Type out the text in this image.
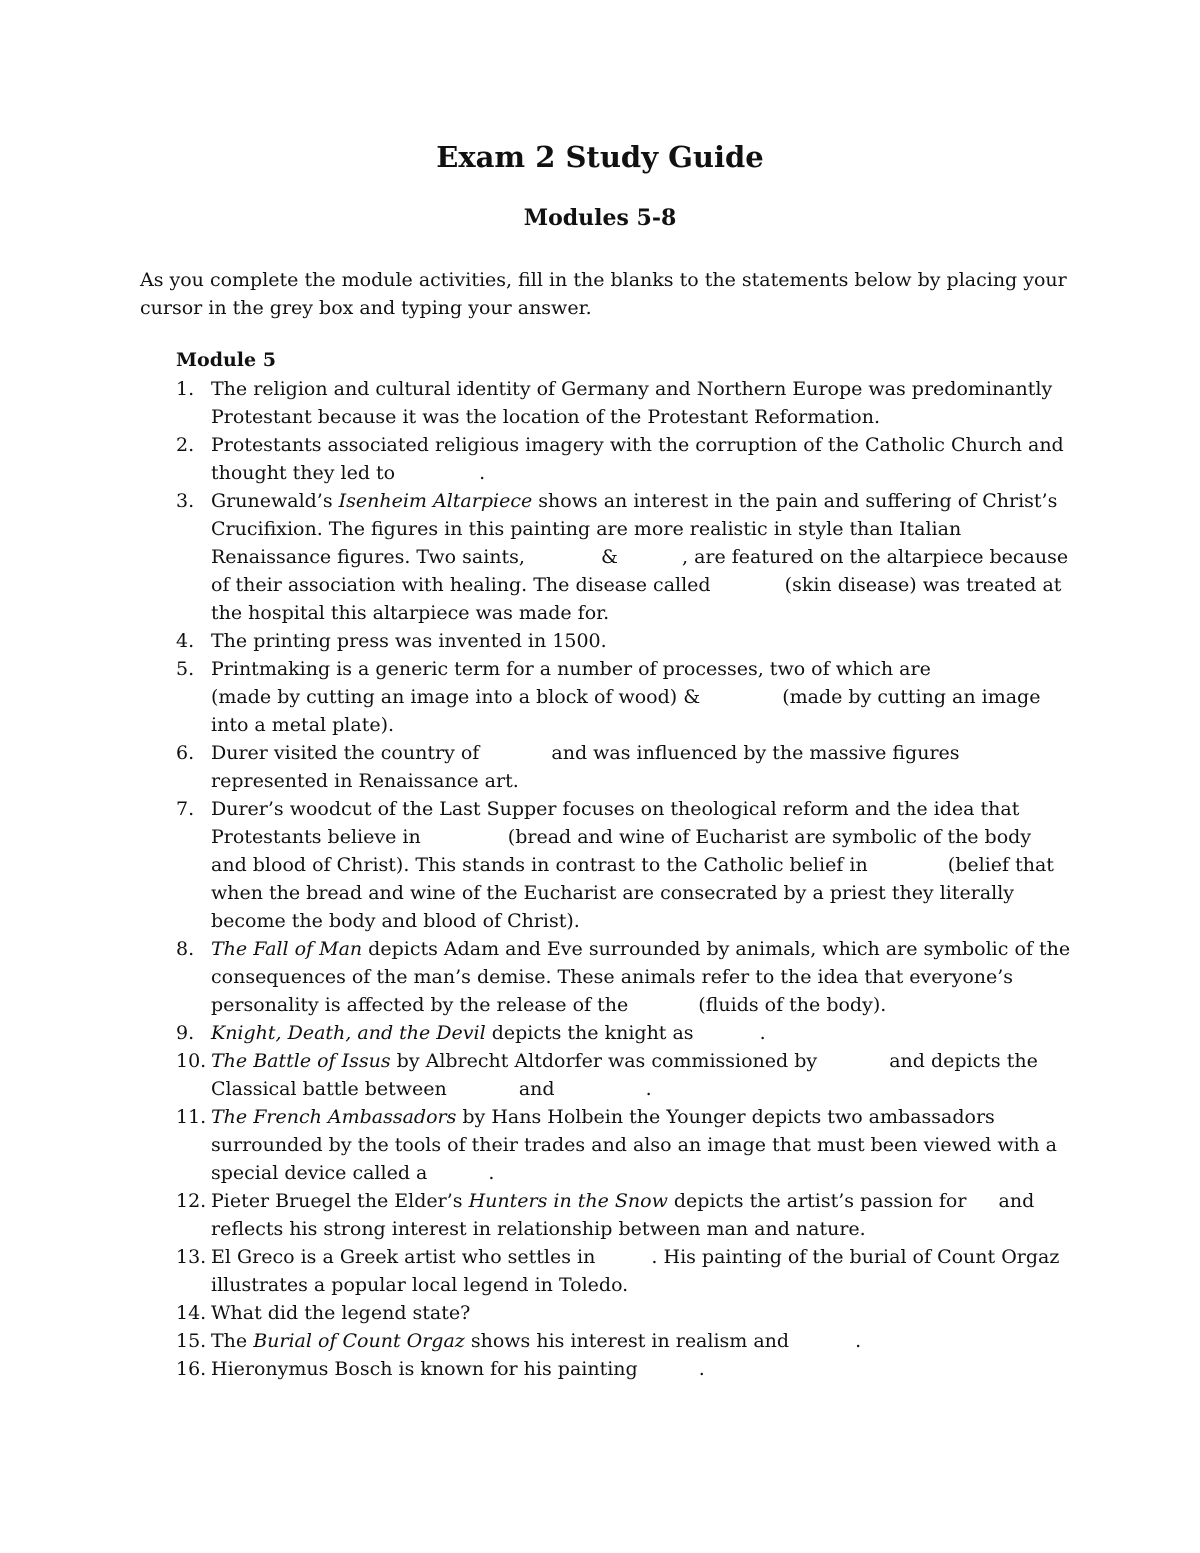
Exam 2 Study Guide
Modules 5-8

As you complete the module activities, fill in the blanks to the statements below by placing your cursor in the grey box and typing your answer.

Module 5
1. The religion and cultural identity of Germany and Northern Europe was predominantly Protestant because it was the location of the Protestant Reformation.
2. Protestants associated religious imagery with the corruption of the Catholic Church and thought they led to	.
3. Grunewald’s Isenheim Altarpiece shows an interest in the pain and suffering of Christ’s Crucifixion. The figures in this painting are more realistic in style than Italian Renaissance figures. Two saints,	&	, are featured on the altarpiece because of their association with healing. The disease called	(skin disease) was treated at the hospital this altarpiece was made for.
4. The printing press was invented in 1500.
5. Printmaking is a generic term for a number of processes, two of which are  (made by cutting an image into a block of wood) &	(made by cutting an image into a metal plate).
6. Durer visited the country of	and was influenced by the massive figures represented in Renaissance art.
7. Durer’s woodcut of the Last Supper focuses on theological reform and the idea that Protestants believe in	(bread and wine of Eucharist are symbolic of the body and blood of Christ). This stands in contrast to the Catholic belief in	(belief that when the bread and wine of the Eucharist are consecrated by a priest they literally become the body and blood of Christ).
8. The Fall of Man depicts Adam and Eve surrounded by animals, which are symbolic of the consequences of the man’s demise. These animals refer to the idea that everyone’s personality is affected by the release of the	(fluids of the body).
9. Knight, Death, and the Devil depicts the knight as	.
10. The Battle of Issus by Albrecht Altdorfer was commissioned by	and depicts the Classical battle between	and	.
11. The French Ambassadors by Hans Holbein the Younger depicts two ambassadors surrounded by the tools of their trades and also an image that must been viewed with a special device called a	.
12. Pieter Bruegel the Elder’s Hunters in the Snow depicts the artist’s passion for and reflects his strong interest in relationship between man and nature.
13. El Greco is a Greek artist who settles in	. His painting of the burial of Count Orgaz illustrates a popular local legend in Toledo.
14. What did the legend state?
15. The Burial of Count Orgaz shows his interest in realism and	.
16. Hieronymus Bosch is known for his painting	.
